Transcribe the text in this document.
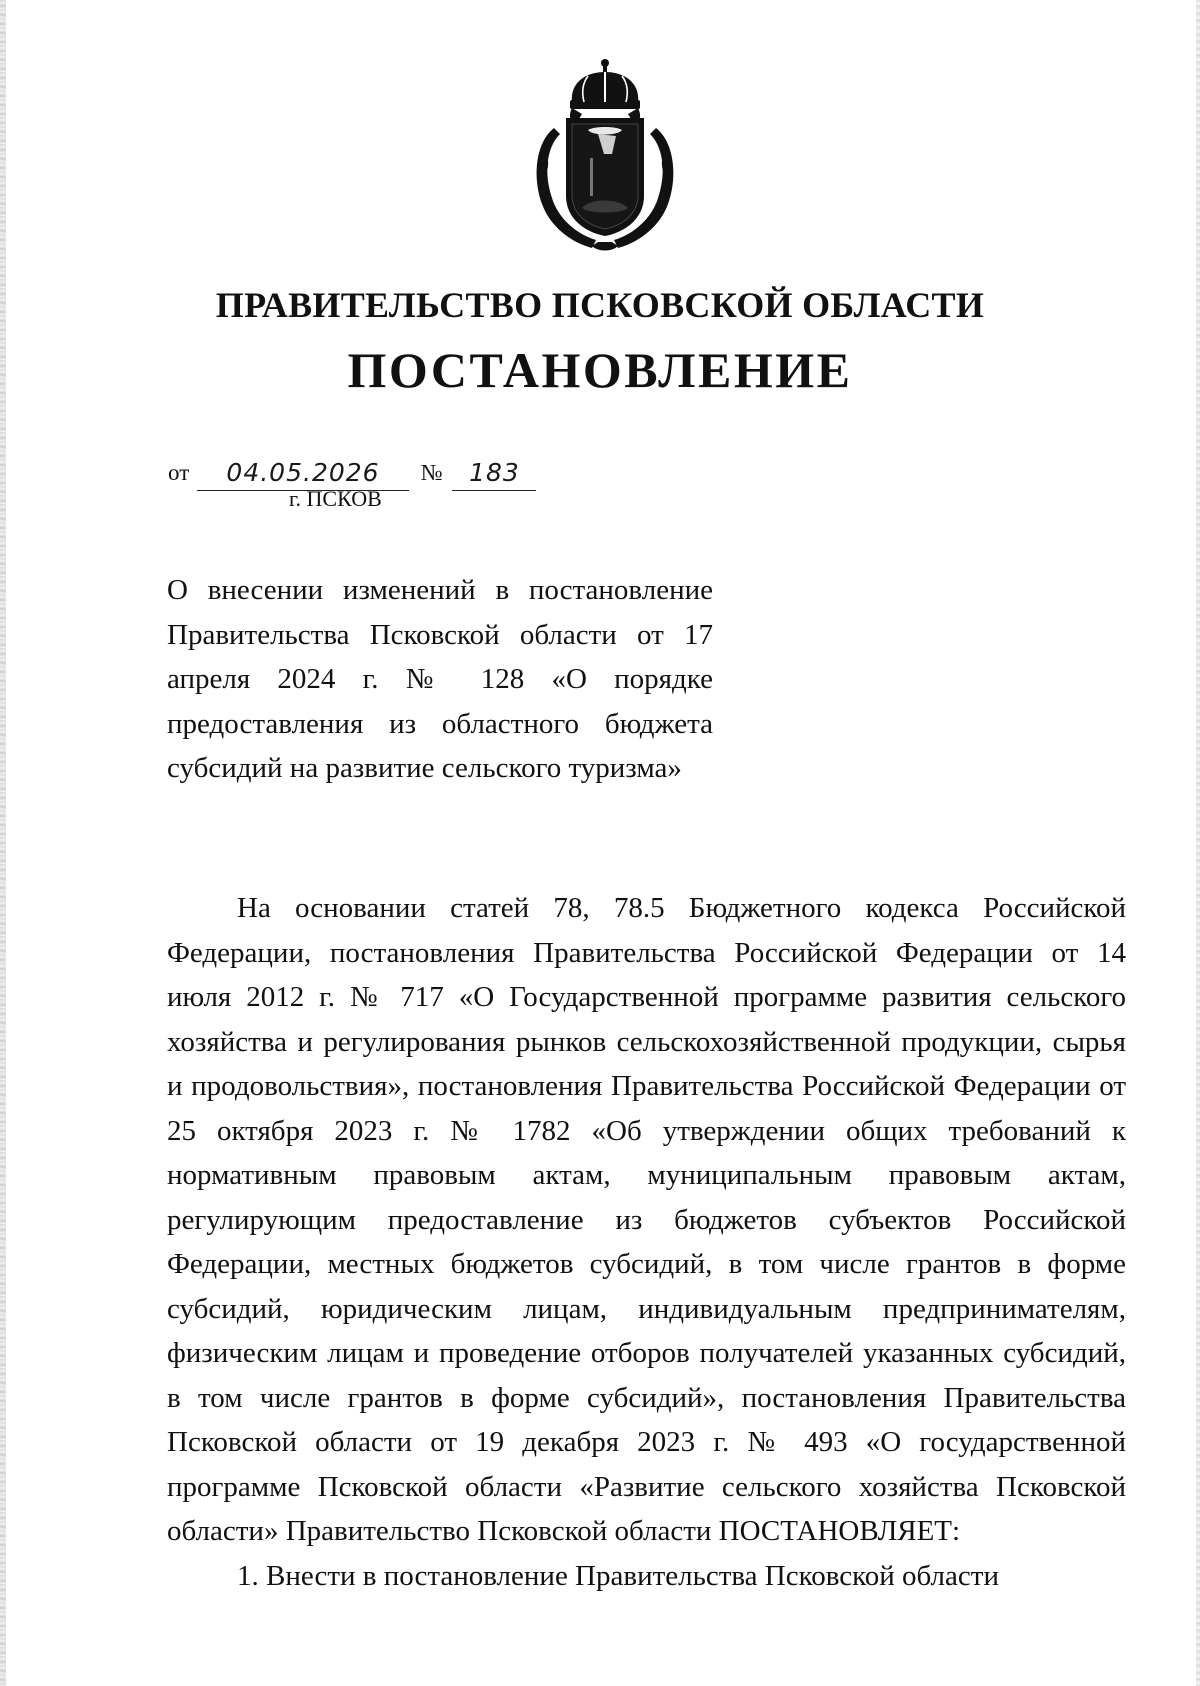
ПРАВИТЕЛЬСТВО ПСКОВСКОЙ ОБЛАСТИ
ПОСТАНОВЛЕНИЕ
от 04.05.2026 № 183
г. ПСКОВ
О внесении изменений в постановление Правительства Псковской области от 17 апреля 2024 г. № 128 «О порядке предоставления из областного бюджета субсидий на развитие сельского туризма»

На основании статей 78, 78.5 Бюджетного кодекса Российской Федерации, постановления Правительства Российской Федерации от 14 июля 2012 г. № 717 «О Государственной программе развития сельского хозяйства и регулирования рынков сельскохозяйственной продукции, сырья и продовольствия», постановления Правительства Российской Федерации от 25 октября 2023 г. № 1782 «Об утверждении общих требований к нормативным правовым актам, муниципальным правовым актам, регулирующим предоставление из бюджетов субъектов Российской Федерации, местных бюджетов субсидий, в том числе грантов в форме субсидий, юридическим лицам, индивидуальным предпринимателям, физическим лицам и проведение отборов получателей указанных субсидий, в том числе грантов в форме субсидий», постановления Правительства Псковской области от 19 декабря 2023 г. № 493 «О государственной программе Псковской области «Развитие сельского хозяйства Псковской области» Правительство Псковской области ПОСТАНОВЛЯЕТ:

1. Внести в постановление Правительства Псковской области
